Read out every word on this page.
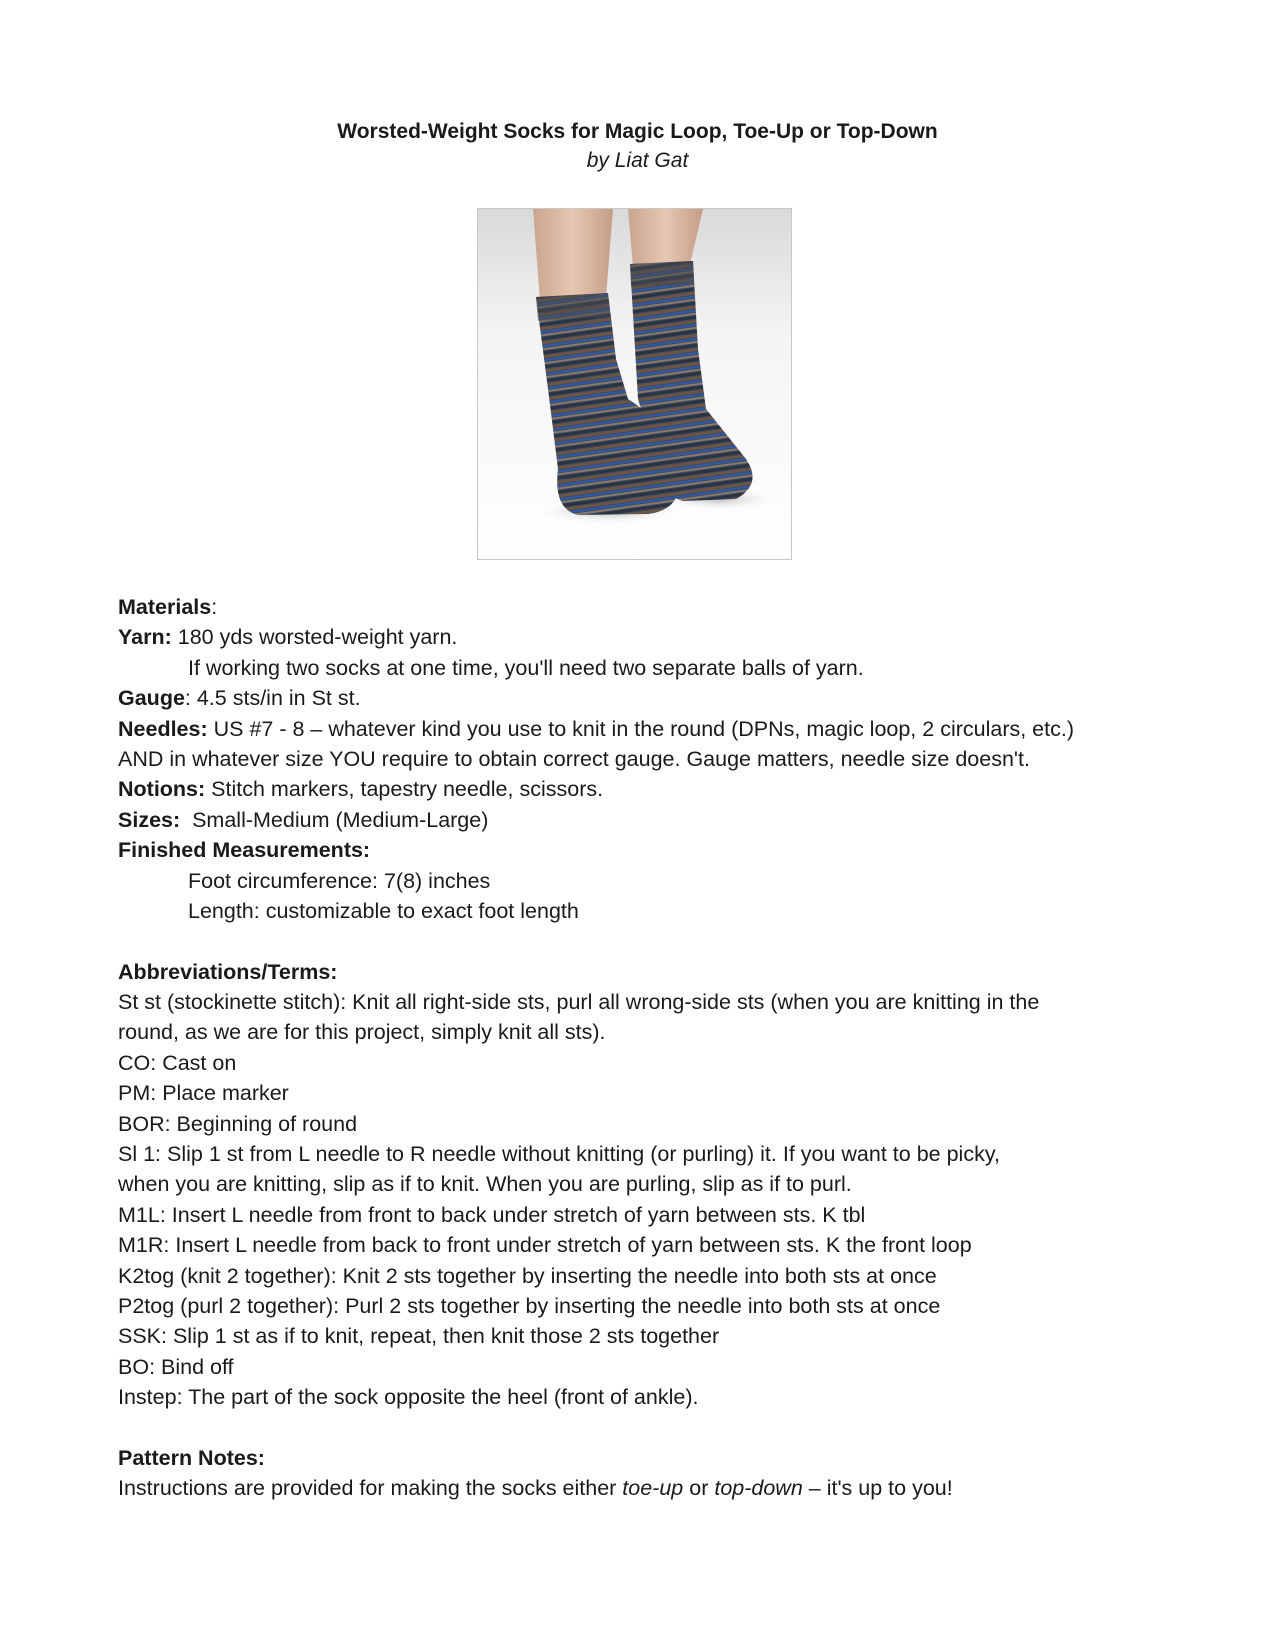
Worsted-Weight Socks for Magic Loop, Toe-Up or Top-Down
by Liat Gat
Materials:
Yarn: 180 yds worsted-weight yarn.
If working two socks at one time, you'll need two separate balls of yarn.
Gauge: 4.5 sts/in in St st.
Needles: US #7 - 8 – whatever kind you use to knit in the round (DPNs, magic loop, 2 circulars, etc.)
AND in whatever size YOU require to obtain correct gauge. Gauge matters, needle size doesn't.
Notions: Stitch markers, tapestry needle, scissors.
Sizes:  Small-Medium (Medium-Large)
Finished Measurements:
Foot circumference: 7(8) inches
Length: customizable to exact foot length
Abbreviations/Terms:
St st (stockinette stitch): Knit all right-side sts, purl all wrong-side sts (when you are knitting in the
round, as we are for this project, simply knit all sts).
CO: Cast on
PM: Place marker
BOR: Beginning of round
Sl 1: Slip 1 st from L needle to R needle without knitting (or purling) it. If you want to be picky,
when you are knitting, slip as if to knit. When you are purling, slip as if to purl.
M1L: Insert L needle from front to back under stretch of yarn between sts. K tbl
M1R: Insert L needle from back to front under stretch of yarn between sts. K the front loop
K2tog (knit 2 together): Knit 2 sts together by inserting the needle into both sts at once
P2tog (purl 2 together): Purl 2 sts together by inserting the needle into both sts at once
SSK: Slip 1 st as if to knit, repeat, then knit those 2 sts together
BO: Bind off
Instep: The part of the sock opposite the heel (front of ankle).
Pattern Notes:
Instructions are provided for making the socks either toe-up or top-down – it's up to you!
